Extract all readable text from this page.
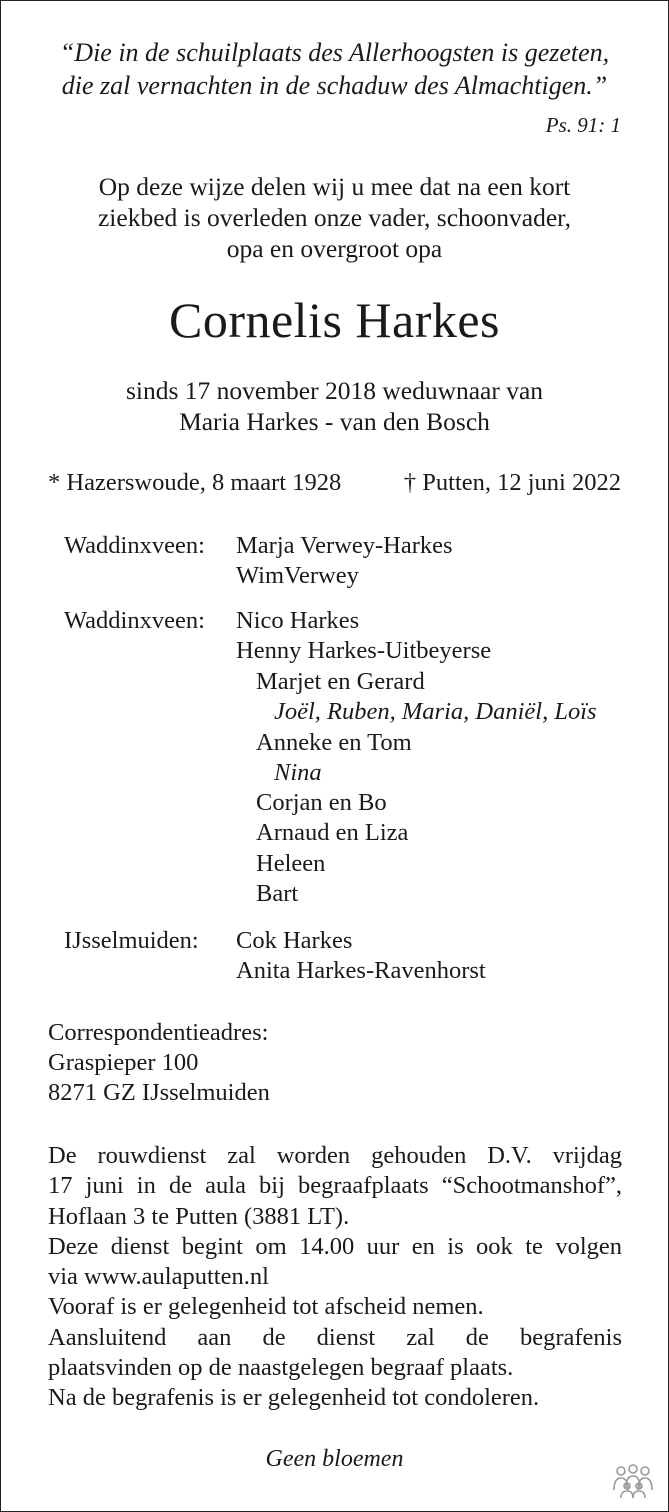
“Die in de schuilplaats des Allerhoogsten is gezeten,
die zal vernachten in de schaduw des Almachtigen.”
Ps. 91: 1
Op deze wijze delen wij u mee dat na een kort
ziekbed is overleden onze vader, schoonvader,
opa en overgroot opa
Cornelis Harkes
sinds 17 november 2018 weduwnaar van
Maria Harkes - van den Bosch
* Hazerswoude, 8 maart 1928	† Putten, 12 juni 2022
Waddinxveen: Marja Verwey-Harkes
WimVerwey
Waddinxveen: Nico Harkes
Henny Harkes-Uitbeyerse
Marjet en Gerard
Joël, Ruben, Maria, Daniël, Loïs
Anneke en Tom
Nina
Corjan en Bo
Arnaud en Liza
Heleen
Bart
IJsselmuiden: Cok Harkes
Anita Harkes-Ravenhorst
Correspondentieadres:
Graspieper 100
8271 GZ IJsselmuiden
De rouwdienst zal worden gehouden D.V. vrijdag
17 juni in de aula bij begraafplaats “Schootmanshof”,
Hoflaan 3 te Putten (3881 LT).
Deze dienst begint om 14.00 uur en is ook te volgen
via www.aulaputten.nl
Vooraf is er gelegenheid tot afscheid nemen.
Aansluitend aan de dienst zal de begrafenis
plaatsvinden op de naastgelegen begraaf plaats.
Na de begrafenis is er gelegenheid tot condoleren.
Geen bloemen
